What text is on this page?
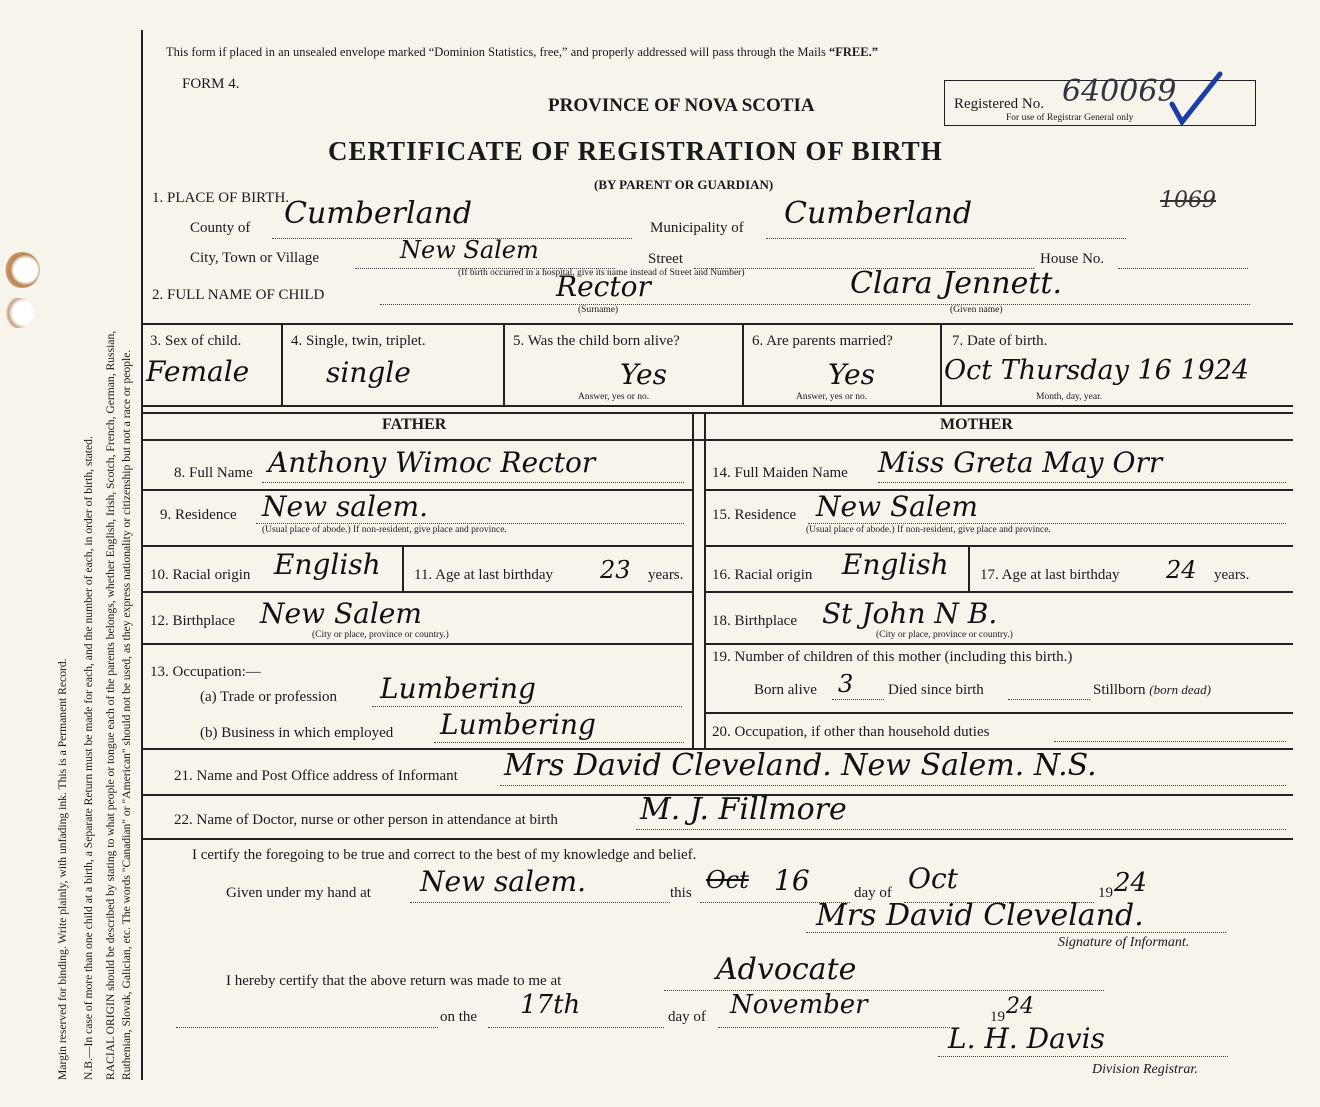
Margin reserved for binding. Write plainly, with unfading ink. This is a Permanent Record. N.B.—In case of more than one child at a birth, a Separate Return must be made for each, and the number of each, in order of birth, stated. RACIAL ORIGIN should be described by stating to what people or tongue each of the parents belongs, whether English, Irish, Scotch, French, German, Russian, Ruthenian, Slovak, Galician, etc. The words "Canadian" or "American" should not be used, as they express nationality or citizenship but not a race or people.
This form if placed in an unsealed envelope marked “Dominion Statistics, free,” and properly addressed will pass through the Mails “FREE.”
FORM 4.
PROVINCE OF NOVA SCOTIA	Registered No. 640069
For use of Registrar General only
CERTIFICATE OF REGISTRATION OF BIRTH
(BY PARENT OR GUARDIAN)
1069
1. PLACE OF BIRTH.
County of Cumberland	Municipality of Cumberland
City, Town or Village	New Salem	Street	House No.
(If birth occurred in a hospital, give its name instead of Street and Number)
2. FULL NAME OF CHILD	Rector
(Surname)
Clara Jennett.
(Given name)
3. Sex of child.
Female
4. Single, twin, triplet.
single
5. Was the child born alive?
Yes
Answer, yes or no.
6. Are parents married?
Yes
Answer, yes or no.
7. Date of birth.
Oct Thursday 16 1924
Month, day, year.
FATHER	MOTHER
8. Full Name Anthony Wimoc Rector
9. Residence New salem.
(Usual place of abode.) If non-resident, give place and province.
10. Racial origin English 11. Age at last birthday 23 years.
12. Birthplace New Salem
(City or place, province or country.)
13. Occupation:—
(a) Trade or profession Lumbering
(b) Business in which employed Lumbering
14. Full Maiden Name Miss Greta May Orr
15. Residence New Salem
(Usual place of abode.) If non-resident, give place and province.
16. Racial origin English 17. Age at last birthday 24 years.
18. Birthplace St John N B.
(City or place, province or country.)
19. Number of children of this mother (including this birth.)
Born alive 3 Died since birth	Stillborn (born dead)
20. Occupation, if other than household duties
21. Name and Post Office address of Informant Mrs David Cleveland. New Salem. N.S.
22. Name of Doctor, nurse or other person in attendance at birth	M. J. Fillmore
I certify the foregoing to be true and correct to the best of my knowledge and belief.
Given under my hand at New salem.	this Oct 16	day of Oct	19 24
Mrs David Cleveland.
Signature of Informant.
I hereby certify that the above return was made to me at	Advocate
on the 17th	day of November	19 24
L. H. Davis
Division Registrar.
